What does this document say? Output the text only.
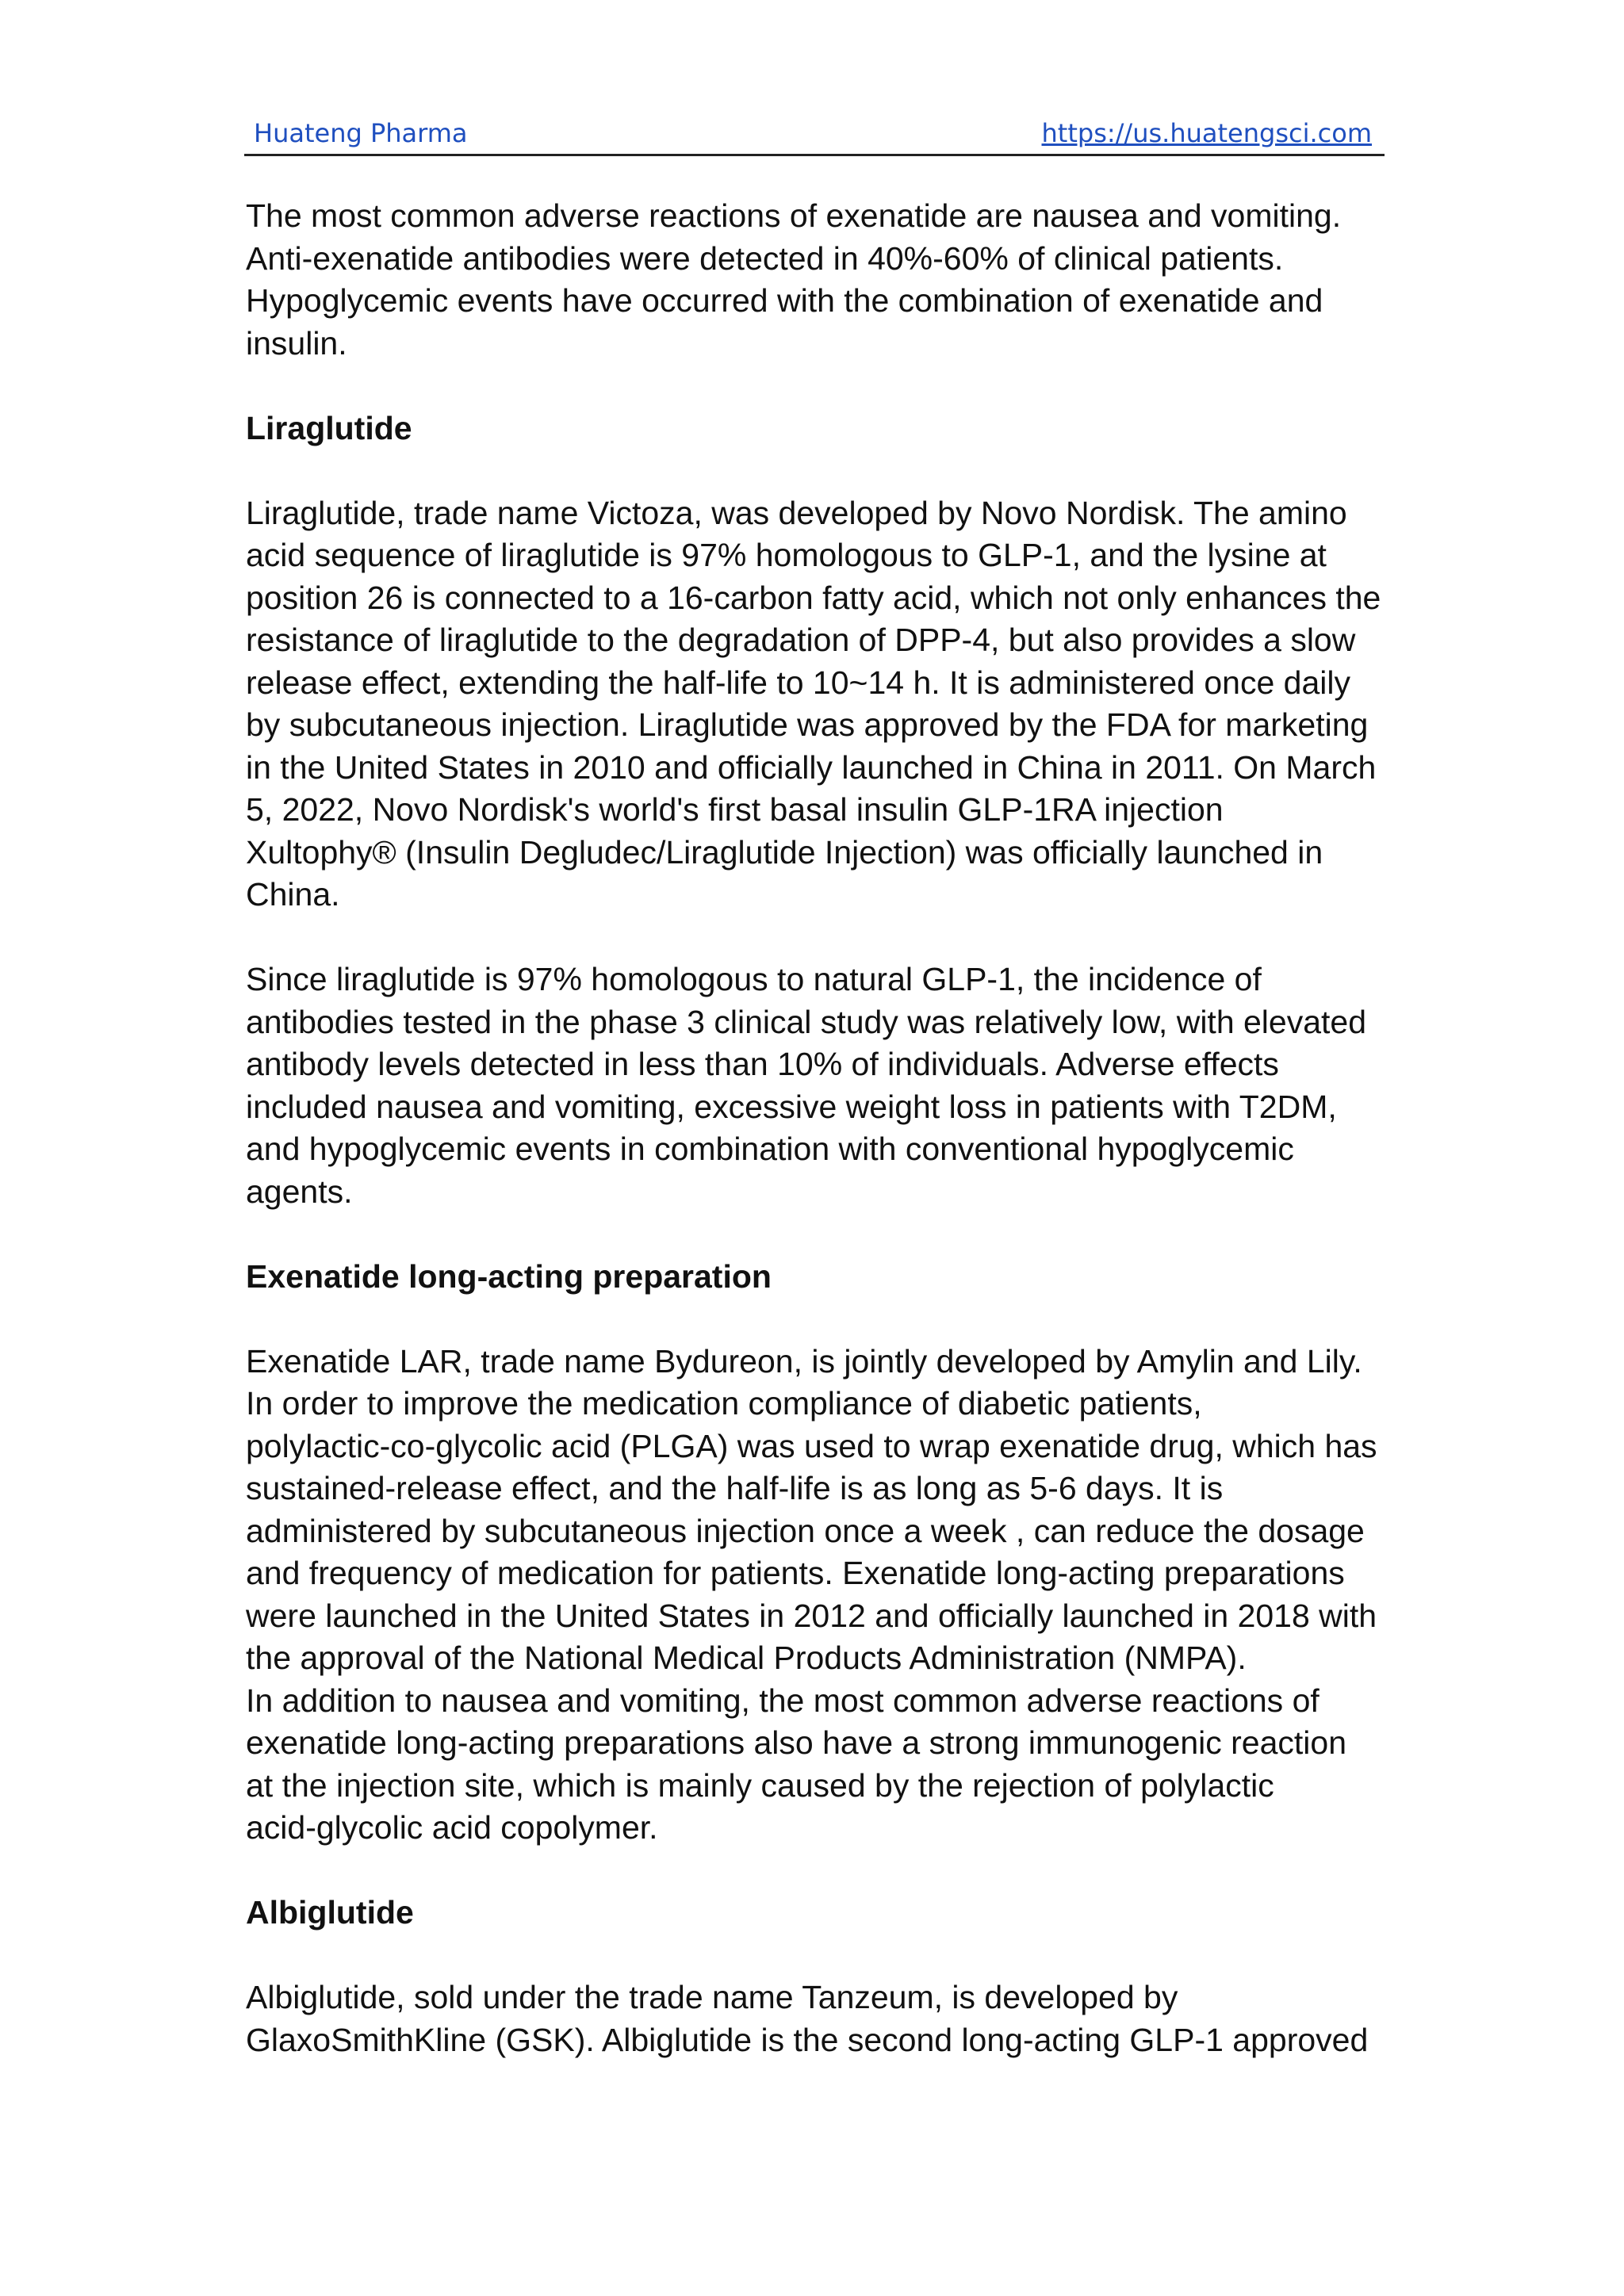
Huateng Pharma	https://us.huatengsci.com

The most common adverse reactions of exenatide are nausea and vomiting.
Anti-exenatide antibodies were detected in 40%-60% of clinical patients.
Hypoglycemic events have occurred with the combination of exenatide and
insulin.

Liraglutide

Liraglutide, trade name Victoza, was developed by Novo Nordisk. The amino
acid sequence of liraglutide is 97% homologous to GLP-1, and the lysine at
position 26 is connected to a 16-carbon fatty acid, which not only enhances the
resistance of liraglutide to the degradation of DPP-4, but also provides a slow
release effect, extending the half-life to 10~14 h. It is administered once daily
by subcutaneous injection. Liraglutide was approved by the FDA for marketing
in the United States in 2010 and officially launched in China in 2011. On March
5, 2022, Novo Nordisk's world's first basal insulin GLP-1RA injection
Xultophy® (Insulin Degludec/Liraglutide Injection) was officially launched in
China.

Since liraglutide is 97% homologous to natural GLP-1, the incidence of
antibodies tested in the phase 3 clinical study was relatively low, with elevated
antibody levels detected in less than 10% of individuals. Adverse effects
included nausea and vomiting, excessive weight loss in patients with T2DM,
and hypoglycemic events in combination with conventional hypoglycemic
agents.

Exenatide long-acting preparation

Exenatide LAR, trade name Bydureon, is jointly developed by Amylin and Lily.
In order to improve the medication compliance of diabetic patients,
polylactic-co-glycolic acid (PLGA) was used to wrap exenatide drug, which has
sustained-release effect, and the half-life is as long as 5-6 days. It is
administered by subcutaneous injection once a week , can reduce the dosage
and frequency of medication for patients. Exenatide long-acting preparations
were launched in the United States in 2012 and officially launched in 2018 with
the approval of the National Medical Products Administration (NMPA).

In addition to nausea and vomiting, the most common adverse reactions of
exenatide long-acting preparations also have a strong immunogenic reaction
at the injection site, which is mainly caused by the rejection of polylactic
acid-glycolic acid copolymer.

Albiglutide

Albiglutide, sold under the trade name Tanzeum, is developed by
GlaxoSmithKline (GSK). Albiglutide is the second long-acting GLP-1 approved
